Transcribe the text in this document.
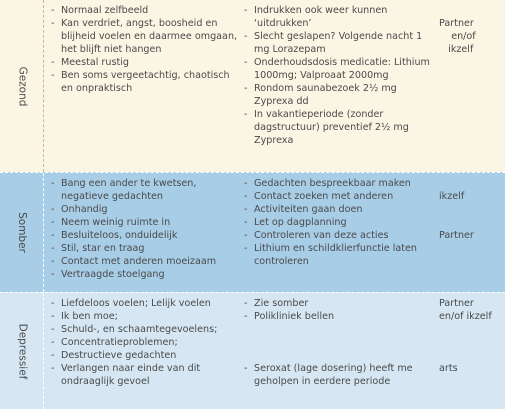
Gezond
- Normaal zelfbeeld
- Kan verdriet, angst, boosheid en blijheid voelen en daarmee omgaan, het blijft niet hangen
- Meestal rustig
- Ben soms vergeetachtig, chaotisch en onpraktisch
- Indrukken ook weer kunnen ‘uitdrukken’
- Slecht geslapen? Volgende nacht 1 mg Lorazepam
- Onderhoudsdosis medicatie: Lithium 1000mg; Valproaat 2000mg
- Rondom saunabezoek 2½ mg Zyprexa dd
- In vakantieperiode (zonder dagstructuur) preventief 2½ mg Zyprexa
Partner
en/of
ikzelf
Somber
- Bang een ander te kwetsen, negatieve gedachten
- Onhandig
- Neem weinig ruimte in
- Besluiteloos, onduidelijk
- Stil, star en traag
- Contact met anderen moeizaam
- Vertraagde stoelgang
- Gedachten bespreekbaar maken
- Contact zoeken met anderen
- Activiteiten gaan doen
- Let op dagplanning
- Controleren van deze acties
- Lithium en schildklierfunctie laten controleren

ikzelf

Partner
Depressief
- Liefdeloos voelen; Lelijk voelen
- Ik ben moe;
- Schuld-, en schaamtegevoelens;
- Concentratieproblemen;
- Destructieve gedachten
- Verlangen naar einde van dit ondraaglijk gevoel
- Zie somber
- Polikliniek bellen
- Seroxat (lage dosering) heeft me geholpen in eerdere periode
Partner
en/of ikzelf

arts
